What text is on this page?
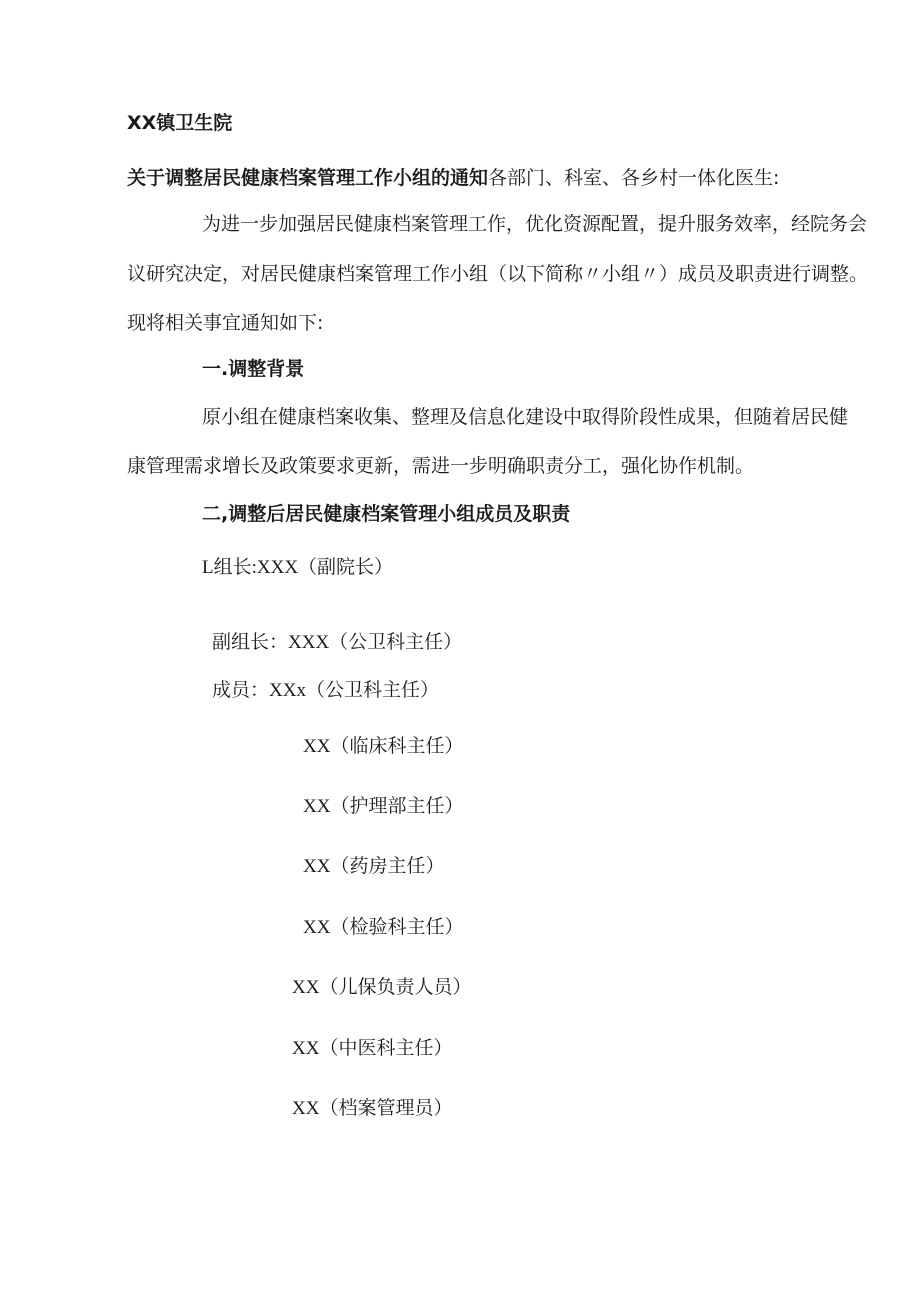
XX镇卫生院
关于调整居民健康档案管理工作小组的通知各部门、科室、各乡村一体化医生:
为进一步加强居民健康档案管理工作，优化资源配置，提升服务效率，经院务会
议研究决定，对居民健康档案管理工作小组（以下简称〃小组〃）成员及职责进行调整。
现将相关事宜通知如下:
一.调整背景
原小组在健康档案收集、整理及信息化建设中取得阶段性成果，但随着居民健
康管理需求增长及政策要求更新，需进一步明确职责分工，强化协作机制。
二,调整后居民健康档案管理小组成员及职责
L组长:XXX（副院长）
副组长：XXX（公卫科主任）
成员：XXx（公卫科主任）
XX（临床科主任）
XX（护理部主任）
XX（药房主任）
XX（检验科主任）
XX（儿保负责人员）
XX（中医科主任）
XX（档案管理员）
